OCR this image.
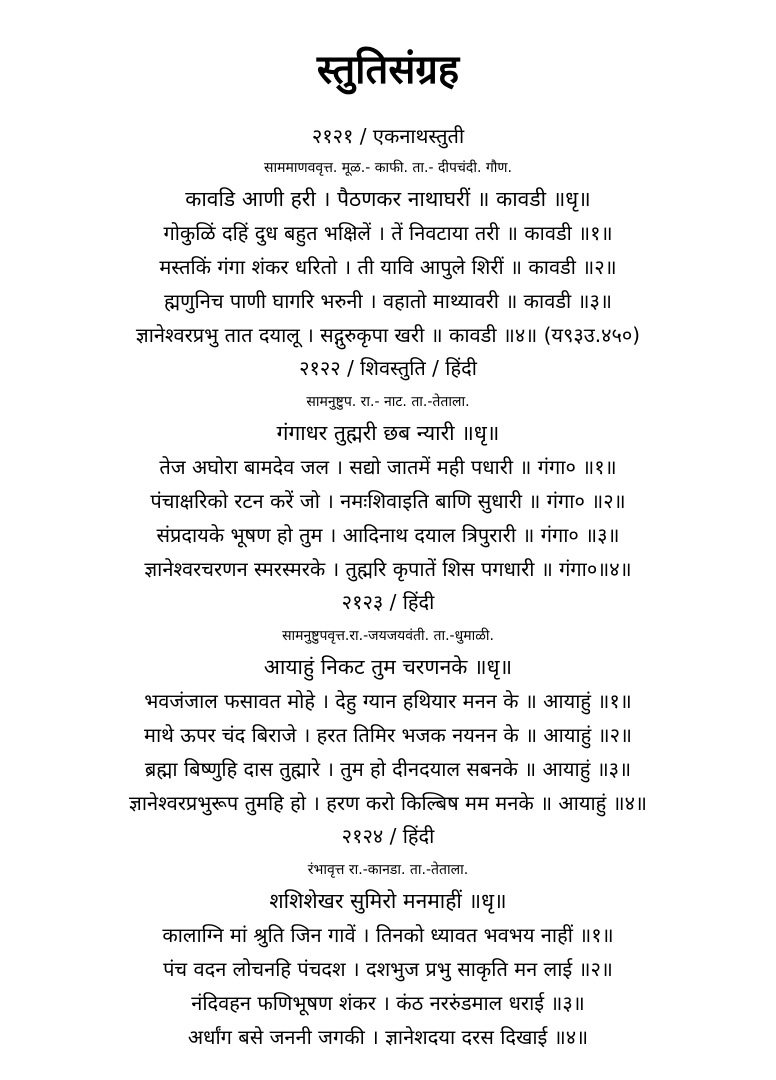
स्तुतिसंग्रह
२१२१ / एकनाथस्तुती
साममाणववृत्त. मूळ.- काफी. ता.- दीपचंदी. गौण.
कावडि आणी हरी । पैठणकर नाथाघरीं ॥ कावडी ॥धृ॥
गोकुळिं दहिं दुध बहुत भक्षिलें । तें निवटाया तरी ॥ कावडी ॥१॥
मस्तकिं गंगा शंकर धरितो । ती यावि आपुले शिरीं ॥ कावडी ॥२॥
ह्मणुनिच पाणी घागरि भरुनी । वहातो माथ्यावरी ॥ कावडी ॥३॥
ज्ञानेश्वरप्रभु तात दयालू । सद्गुरुकृपा खरी ॥ कावडी ॥४॥ (य९३उ.४५०)
२१२२ / शिवस्तुति / हिंदी
सामनुष्टुप. रा.- नाट. ता.-तेताला.
गंगाधर तुह्मरी छब न्यारी ॥धृ॥
तेज अघोरा बामदेव जल । सद्यो जातमें मही पधारी ॥ गंगा० ॥१॥
पंचाक्षरिको रटन करें जो । नमःशिवाइति बाणि सुधारी ॥ गंगा० ॥२॥
संप्रदायके भूषण हो तुम । आदिनाथ दयाल त्रिपुरारी ॥ गंगा० ॥३॥
ज्ञानेश्वरचरणन स्मरस्मरके । तुह्मरि कृपातें शिस पगधारी ॥ गंगा०॥४॥
२१२३ / हिंदी
सामनुष्टुपवृत्त.रा.-जयजयवंती. ता.-धुमाळी.
आयाहुं निकट तुम चरणनके ॥धृ॥
भवजंजाल फसावत मोहे । देहु ग्यान हथियार मनन के ॥ आयाहुं ॥१॥
माथे ऊपर चंद बिराजे । हरत तिमिर भजक नयनन के ॥ आयाहुं ॥२॥
ब्रह्मा बिष्णुहि दास तुह्मारे । तुम हो दीनदयाल सबनके ॥ आयाहुं ॥३॥
ज्ञानेश्वरप्रभुरूप तुमहि हो । हरण करो किल्बिष मम मनके ॥ आयाहुं ॥४॥
२१२४ / हिंदी
रंभावृत्त रा.-कानडा. ता.-तेताला.
शशिशेखर सुमिरो मनमाहीं ॥धृ॥
कालाग्नि मां श्रुति जिन गावें । तिनको ध्यावत भवभय नाहीं ॥१॥
पंच वदन लोचनहि पंचदश । दशभुज प्रभु साकृति मन लाई ॥२॥
नंदिवहन फणिभूषण शंकर । कंठ नररुंडमाल धराई ॥३॥
अर्धांग बसे जननी जगकी । ज्ञानेशदया दरस दिखाई ॥४॥
